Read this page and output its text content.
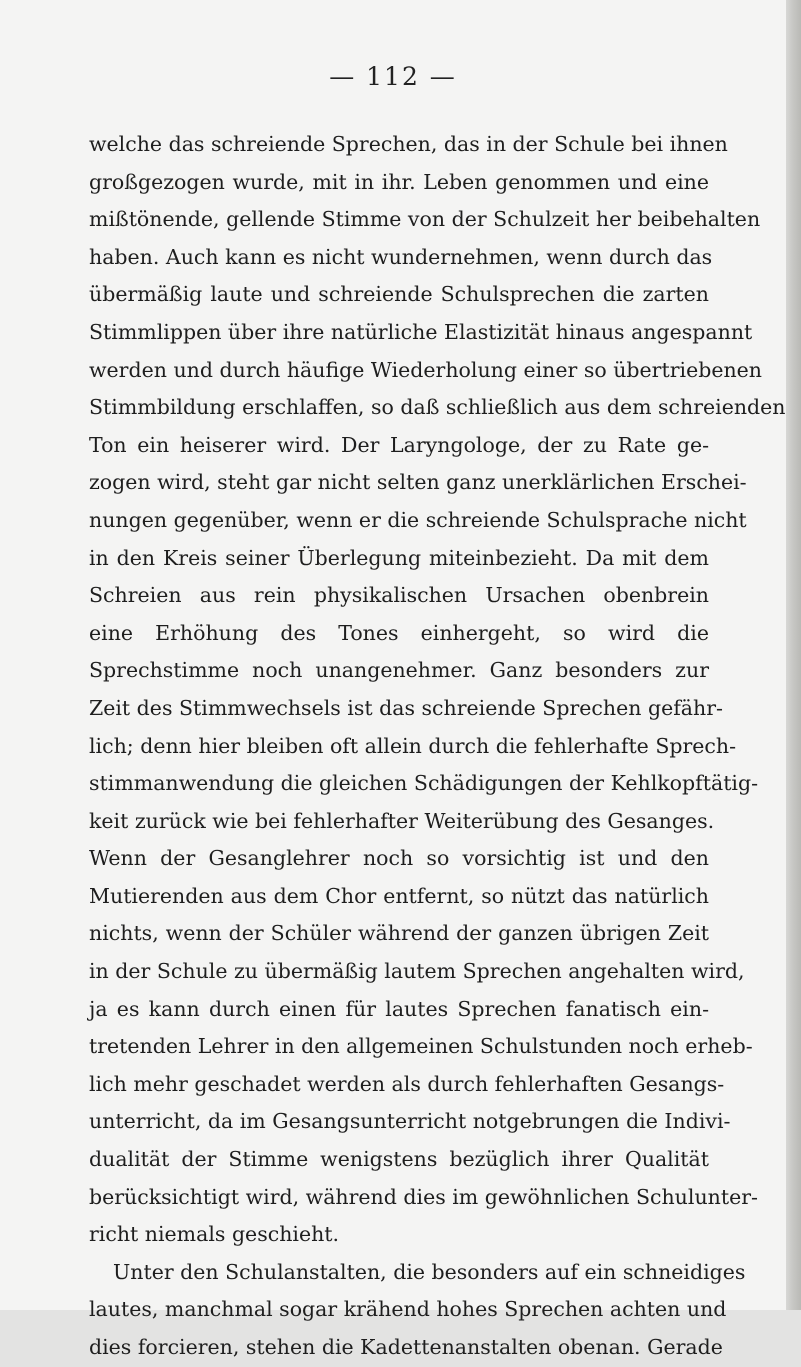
— 112 —
welche das schreiende Sprechen, das in der Schule bei ihnen
großgezogen wurde, mit in ihr. Leben genommen und eine
mißtönende, gellende Stimme von der Schulzeit her beibehalten
haben. Auch kann es nicht wundernehmen, wenn durch das
übermäßig laute und schreiende Schulsprechen die zarten
Stimmlippen über ihre natürliche Elastizität hinaus angespannt
werden und durch häufige Wiederholung einer so übertriebenen
Stimmbildung erschlaffen, so daß schließlich aus dem schreienden
Ton ein heiserer wird. Der Laryngologe, der zu Rate ge-
zogen wird, steht gar nicht selten ganz unerklärlichen Erschei-
nungen gegenüber, wenn er die schreiende Schulsprache nicht
in den Kreis seiner Überlegung miteinbezieht. Da mit dem
Schreien aus rein physikalischen Ursachen obenbrein
eine Erhöhung des Tones einhergeht, so wird die
Sprechstimme noch unangenehmer. Ganz besonders zur
Zeit des Stimmwechsels ist das schreiende Sprechen gefähr-
lich; denn hier bleiben oft allein durch die fehlerhafte Sprech-
stimmanwendung die gleichen Schädigungen der Kehlkopftätig-
keit zurück wie bei fehlerhafter Weiterübung des Gesanges.
Wenn der Gesanglehrer noch so vorsichtig ist und den
Mutierenden aus dem Chor entfernt, so nützt das natürlich
nichts, wenn der Schüler während der ganzen übrigen Zeit
in der Schule zu übermäßig lautem Sprechen angehalten wird,
ja es kann durch einen für lautes Sprechen fanatisch ein-
tretenden Lehrer in den allgemeinen Schulstunden noch erheb-
lich mehr geschadet werden als durch fehlerhaften Gesangs-
unterricht, da im Gesangsunterricht notgebrungen die Indivi-
dualität der Stimme wenigstens bezüglich ihrer Qualität
berücksichtigt wird, während dies im gewöhnlichen Schulunter-
richt niemals geschieht.
Unter den Schulanstalten, die besonders auf ein schneidiges
lautes, manchmal sogar krähend hohes Sprechen achten und
dies forcieren, stehen die Kadettenanstalten obenan. Gerade
